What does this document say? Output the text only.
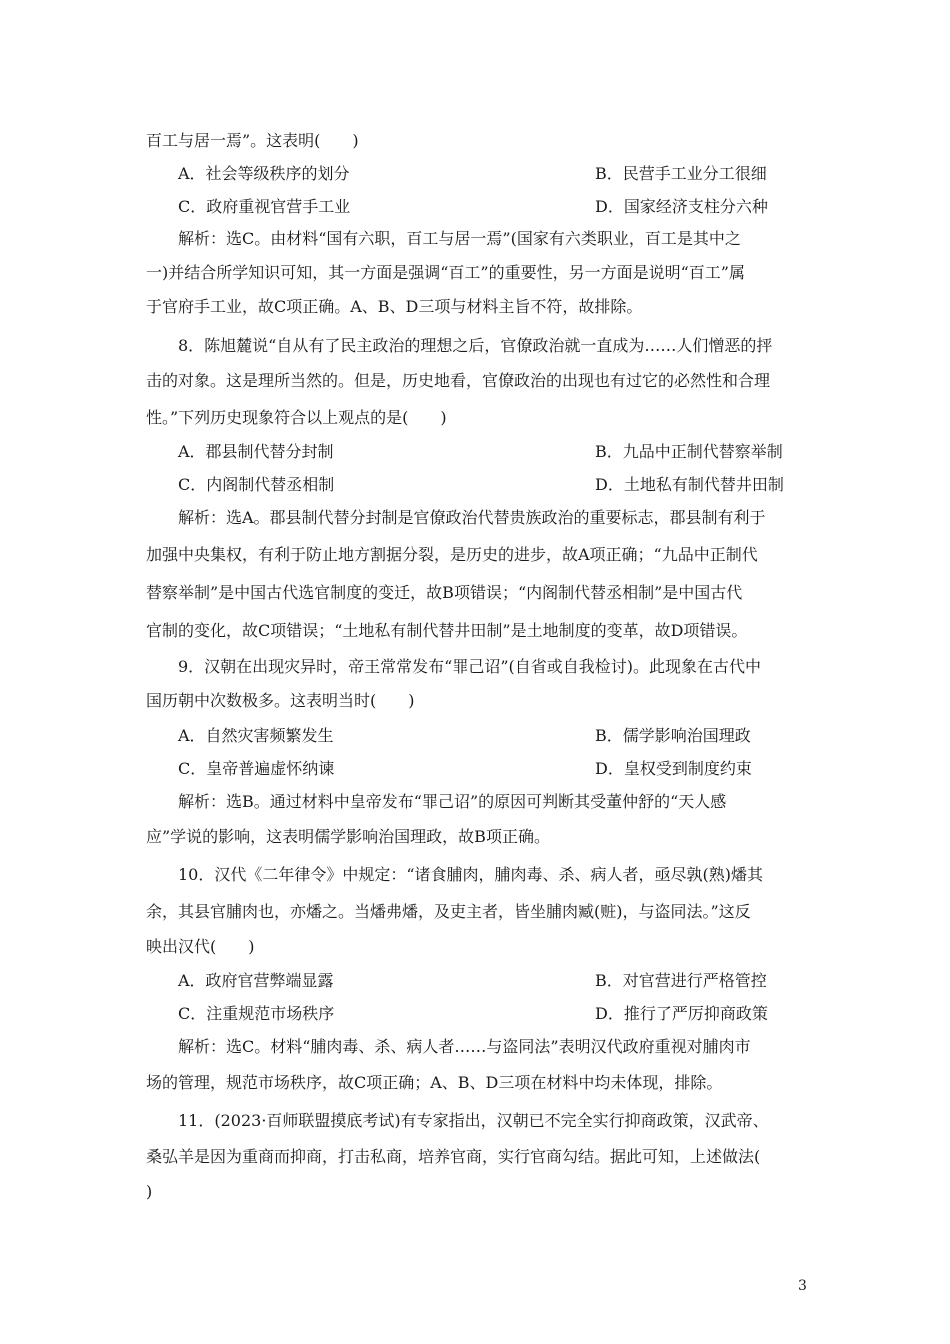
百工与居一焉”。这表明(　　)
A．社会等级秩序的划分	B．民营手工业分工很细
C．政府重视官营手工业	D．国家经济支柱分六种
解析：选C。由材料“国有六职，百工与居一焉”(国家有六类职业，百工是其中之
一)并结合所学知识可知，其一方面是强调“百工”的重要性，另一方面是说明“百工”属
于官府手工业，故C项正确。A、B、D三项与材料主旨不符，故排除。
8．陈旭麓说“自从有了民主政治的理想之后，官僚政治就一直成为……人们憎恶的抨
击的对象。这是理所当然的。但是，历史地看，官僚政治的出现也有过它的必然性和合理
性。”下列历史现象符合以上观点的是(　　)
A．郡县制代替分封制	B．九品中正制代替察举制
C．内阁制代替丞相制	D．土地私有制代替井田制
解析：选A。郡县制代替分封制是官僚政治代替贵族政治的重要标志，郡县制有利于
加强中央集权，有利于防止地方割据分裂，是历史的进步，故A项正确；“九品中正制代
替察举制”是中国古代选官制度的变迁，故B项错误；“内阁制代替丞相制”是中国古代
官制的变化，故C项错误；“土地私有制代替井田制”是土地制度的变革，故D项错误。
9．汉朝在出现灾异时，帝王常常发布“罪己诏”(自省或自我检讨)。此现象在古代中
国历朝中次数极多。这表明当时(　　)
A．自然灾害频繁发生	B．儒学影响治国理政
C．皇帝普遍虚怀纳谏	D．皇权受到制度约束
解析：选B。通过材料中皇帝发布“罪己诏”的原因可判断其受董仲舒的“天人感
应”学说的影响，这表明儒学影响治国理政，故B项正确。
10．汉代《二年律令》中规定：“诸食脯肉，脯肉毒、杀、病人者，亟尽孰(熟)燔其
余，其县官脯肉也，亦燔之。当燔弗燔，及吏主者，皆坐脯肉臧(赃)，与盗同法。”这反
映出汉代(　　)
A．政府官营弊端显露	B．对官营进行严格管控
C．注重规范市场秩序	D．推行了严厉抑商政策
解析：选C。材料“脯肉毒、杀、病人者……与盗同法”表明汉代政府重视对脯肉市
场的管理，规范市场秩序，故C项正确；A、B、D三项在材料中均未体现，排除。
11．(2023·百师联盟摸底考试)有专家指出，汉朝已不完全实行抑商政策，汉武帝、
桑弘羊是因为重商而抑商，打击私商，培养官商，实行官商勾结。据此可知，上述做法(
)
3
